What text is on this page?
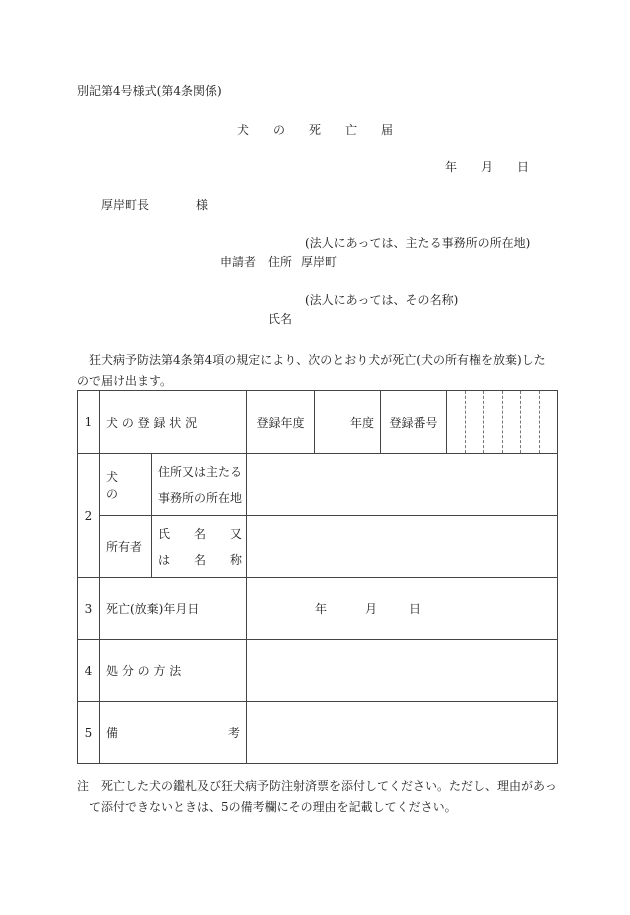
別記第4号様式(第4条関係)
犬 の 死 亡 届
年 月 日
厚岸町長	様
(法人にあっては、主たる事務所の所在地)
申請者 住所 厚岸町
(法人にあっては、その名称)
氏名
狂犬病予防法第4条第4項の規定により、次のとおり犬が死亡(犬の所有権を放棄)したので届け出ます。
1	犬 の 登 録 状 況		登録年度	年度	登録番号	

2	犬　　の	住所又は主たる
事務所の所在地				

	所有者	氏　　名　　又
は　　名　　称				

3	死亡(放棄)年月日		年 月 日			
4	処 分 の 方 法					

5	備 考					

注　死亡した犬の鑑札及び狂犬病予防注射済票を添付してください。ただし、理由があっ
て添付できないときは、5の備考欄にその理由を記載してください。
